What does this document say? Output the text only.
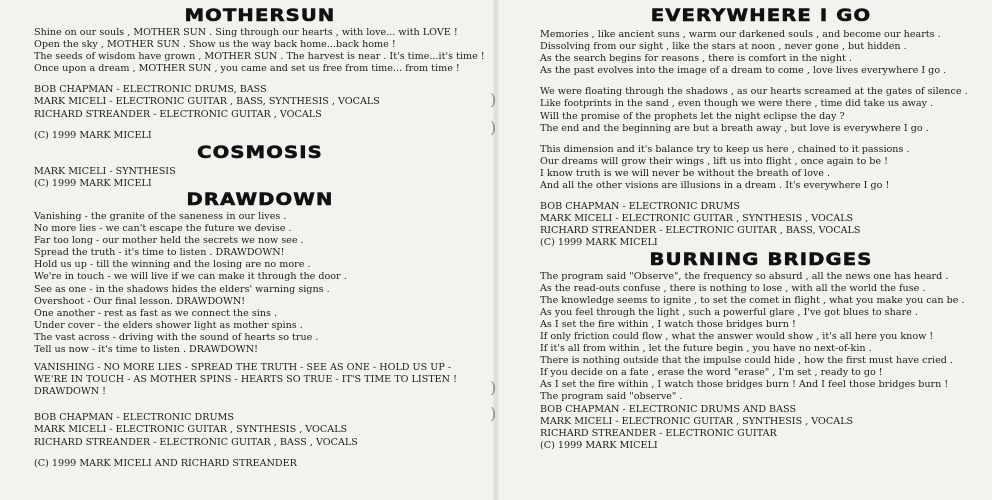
MOTHERSUN
Shine on our souls , MOTHER SUN . Sing through our hearts , with love... with LOVE !
Open the sky , MOTHER SUN . Show us the way back home...back home !
The seeds of wisdom have grown , MOTHER SUN . The harvest is near . It's time...it's time !
Once upon a dream , MOTHER SUN , you came and set us free from time... from time !
BOB CHAPMAN - ELECTRONIC DRUMS, BASS
MARK MICELI - ELECTRONIC GUITAR , BASS, SYNTHESIS , VOCALS
RICHARD STREANDER - ELECTRONIC GUITAR , VOCALS
(C) 1999 MARK MICELI
COSMOSIS
MARK MICELI - SYNTHESIS
(C) 1999 MARK MICELI
DRAWDOWN
Vanishing - the granite of the saneness in our lives .
No more lies - we can't escape the future we devise .
Far too long - our mother held the secrets we now see .
Spread the truth - it's time to listen . DRAWDOWN!
Hold us up - till the winning and the losing are no more .
We're in touch - we will live if we can make it through the door .
See as one - in the shadows hides the elders' warning signs .
Overshoot - Our final lesson. DRAWDOWN!
One another - rest as fast as we connect the sins .
Under cover - the elders shower light as mother spins .
The vast across - driving with the sound of hearts so true .
Tell us now - it's time to listen . DRAWDOWN!
VANISHING - NO MORE LIES - SPREAD THE TRUTH - SEE AS ONE - HOLD US UP -
WE'RE IN TOUCH - AS MOTHER SPINS - HEARTS SO TRUE - IT'S TIME TO LISTEN !
DRAWDOWN !
BOB CHAPMAN - ELECTRONIC DRUMS
MARK MICELI - ELECTRONIC GUITAR , SYNTHESIS , VOCALS
RICHARD STREANDER - ELECTRONIC GUITAR , BASS , VOCALS
(C) 1999 MARK MICELI AND RICHARD STREANDER
EVERYWHERE I GO
Memories , like ancient suns , warm our darkened souls , and become our hearts .
Dissolving from our sight , like the stars at noon , never gone , but hidden .
As the search begins for reasons , there is comfort in the night .
As the past evolves into the image of a dream to come , love lives everywhere I go .
We were floating through the shadows , as our hearts screamed at the gates of silence .
Like footprints in the sand , even though we were there , time did take us away .
Will the promise of the prophets let the night eclipse the day ?
The end and the beginning are but a breath away , but love is everywhere I go .
This dimension and it's balance try to keep us here , chained to it passions .
Our dreams will grow their wings , lift us into flight , once again to be !
I know truth is we will never be without the breath of love .
And all the other visions are illusions in a dream . It's everywhere I go !
BOB CHAPMAN - ELECTRONIC DRUMS
MARK MICELI - ELECTRONIC GUITAR , SYNTHESIS , VOCALS
RICHARD STREANDER - ELECTRONIC GUITAR , BASS, VOCALS
(C) 1999 MARK MICELI
BURNING BRIDGES
The program said "Observe", the frequency so absurd , all the news one has heard .
As the read-outs confuse , there is nothing to lose , with all the world the fuse .
The knowledge seems to ignite , to set the comet in flight , what you make you can be .
As you feel through the light , such a powerful glare , I've got blues to share .
As I set the fire within , I watch those bridges burn !
If only friction could flow , what the answer would show , it's all here you know !
If it's all from within , let the future begin , you have no next-of-kin .
There is nothing outside that the impulse could hide , how the first must have cried .
If you decide on a fate , erase the word "erase" , I'm set , ready to go !
As I set the fire within , I watch those bridges burn ! And I feel those bridges burn !
The program said "observe" .
BOB CHAPMAN - ELECTRONIC DRUMS AND BASS
MARK MICELI - ELECTRONIC GUITAR , SYNTHESIS , VOCALS
RICHARD STREANDER - ELECTRONIC GUITAR
(C) 1999 MARK MICELI
)
)
)
)
